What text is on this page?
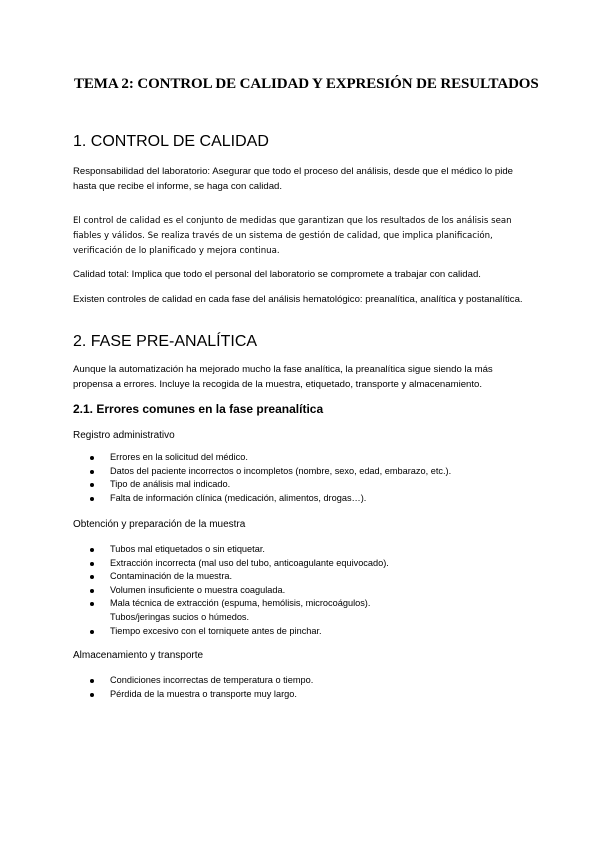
TEMA 2: CONTROL DE CALIDAD Y EXPRESIÓN DE RESULTADOS
1. CONTROL DE CALIDAD

Responsabilidad del laboratorio: Asegurar que todo el proceso del análisis, desde que el médico lo pide hasta que recibe el informe, se haga con calidad.

El control de calidad es el conjunto de medidas que garantizan que los resultados de los análisis sean fiables y válidos. Se realiza través de un sistema de gestión de calidad, que implica planificación, verificación de lo planificado y mejora continua.

Calidad total: Implica que todo el personal del laboratorio se compromete a trabajar con calidad.

Existen controles de calidad en cada fase del análisis hematológico: preanalítica, analítica y postanalítica.

2. FASE PRE-ANALÍTICA

Aunque la automatización ha mejorado mucho la fase analítica, la preanalítica sigue siendo la más propensa a errores. Incluye la recogida de la muestra, etiquetado, transporte y almacenamiento.

2.1. Errores comunes en la fase preanalítica

Registro administrativo

Errores en la solicitud del médico.
Datos del paciente incorrectos o incompletos (nombre, sexo, edad, embarazo, etc.).
Tipo de análisis mal indicado.
Falta de información clínica (medicación, alimentos, drogas…).

Obtención y preparación de la muestra

Tubos mal etiquetados o sin etiquetar.
Extracción incorrecta (mal uso del tubo, anticoagulante equivocado).
Contaminación de la muestra.
Volumen insuficiente o muestra coagulada.
Mala técnica de extracción (espuma, hemólisis, microcoágulos).
Tubos/jeringas sucios o húmedos.
Tiempo excesivo con el torniquete antes de pinchar.

Almacenamiento y transporte

Condiciones incorrectas de temperatura o tiempo.
Pérdida de la muestra o transporte muy largo.
